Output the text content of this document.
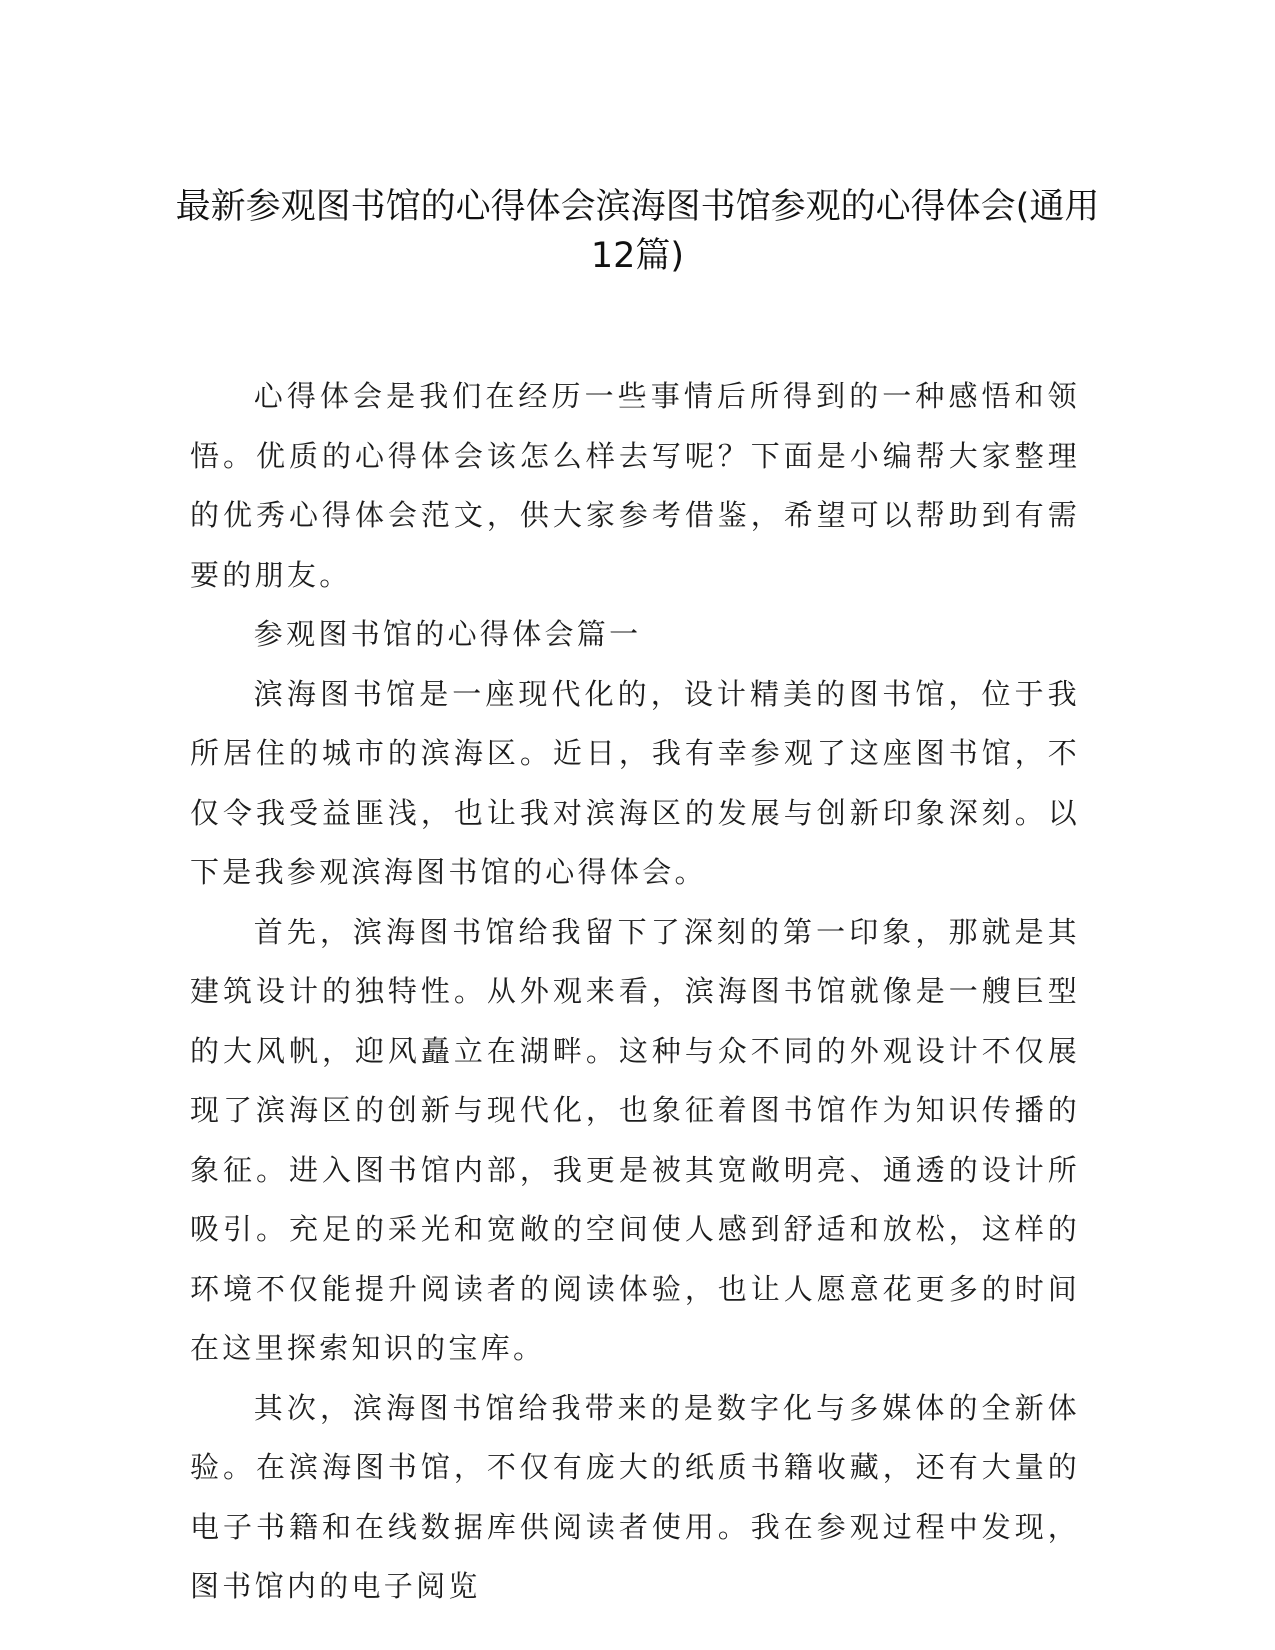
最新参观图书馆的心得体会滨海图书馆参观的心得体会(通用
12篇)

心得体会是我们在经历一些事情后所得到的一种感悟和领悟。优质的心得体会该怎么样去写呢？下面是小编帮大家整理的优秀心得体会范文，供大家参考借鉴，希望可以帮助到有需要的朋友。

参观图书馆的心得体会篇一

滨海图书馆是一座现代化的，设计精美的图书馆，位于我所居住的城市的滨海区。近日，我有幸参观了这座图书馆，不仅令我受益匪浅，也让我对滨海区的发展与创新印象深刻。以下是我参观滨海图书馆的心得体会。

首先，滨海图书馆给我留下了深刻的第一印象，那就是其建筑设计的独特性。从外观来看，滨海图书馆就像是一艘巨型的大风帆，迎风矗立在湖畔。这种与众不同的外观设计不仅展现了滨海区的创新与现代化，也象征着图书馆作为知识传播的象征。进入图书馆内部，我更是被其宽敞明亮、通透的设计所吸引。充足的采光和宽敞的空间使人感到舒适和放松，这样的环境不仅能提升阅读者的阅读体验，也让人愿意花更多的时间在这里探索知识的宝库。

其次，滨海图书馆给我带来的是数字化与多媒体的全新体验。在滨海图书馆，不仅有庞大的纸质书籍收藏，还有大量的电子书籍和在线数据库供阅读者使用。我在参观过程中发现，图书馆内的电子阅览
